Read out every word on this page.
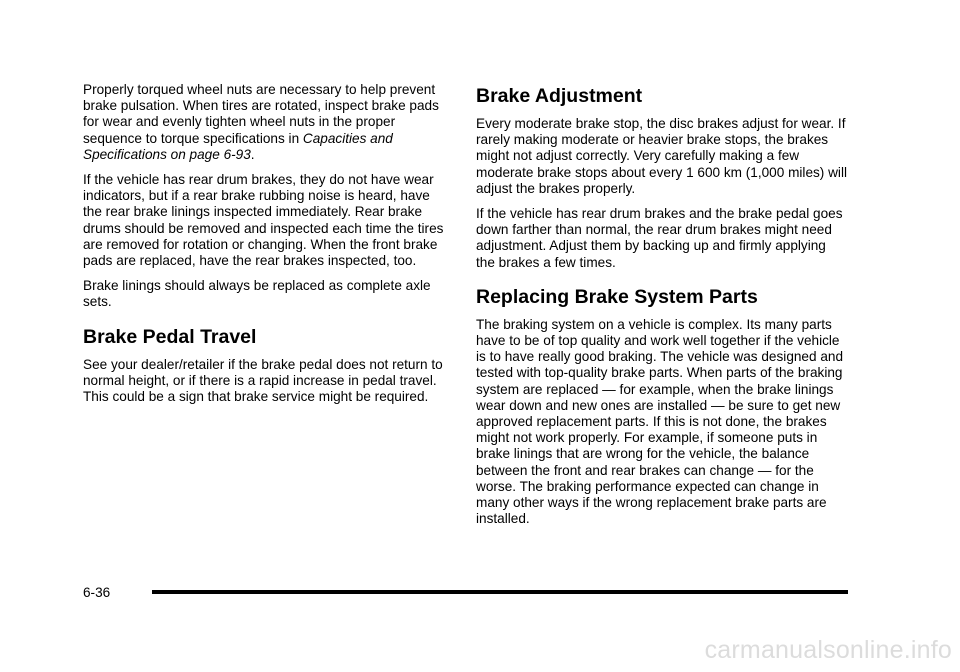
Properly torqued wheel nuts are necessary to help prevent brake pulsation. When tires are rotated, inspect brake pads for wear and evenly tighten wheel nuts in the proper sequence to torque specifications in Capacities and Specifications on page 6-93.

If the vehicle has rear drum brakes, they do not have wear indicators, but if a rear brake rubbing noise is heard, have the rear brake linings inspected immediately. Rear brake drums should be removed and inspected each time the tires are removed for rotation or changing. When the front brake pads are replaced, have the rear brakes inspected, too.

Brake linings should always be replaced as complete axle sets.

Brake Pedal Travel

See your dealer/retailer if the brake pedal does not return to normal height, or if there is a rapid increase in pedal travel. This could be a sign that brake service might be required.

Brake Adjustment

Every moderate brake stop, the disc brakes adjust for wear. If rarely making moderate or heavier brake stops, the brakes might not adjust correctly. Very carefully making a few moderate brake stops about every 1 600 km (1,000 miles) will adjust the brakes properly.

If the vehicle has rear drum brakes and the brake pedal goes down farther than normal, the rear drum brakes might need adjustment. Adjust them by backing up and firmly applying the brakes a few times.

Replacing Brake System Parts

The braking system on a vehicle is complex. Its many parts have to be of top quality and work well together if the vehicle is to have really good braking. The vehicle was designed and tested with top-quality brake parts. When parts of the braking system are replaced — for example, when the brake linings wear down and new ones are installed — be sure to get new approved replacement parts. If this is not done, the brakes might not work properly. For example, if someone puts in brake linings that are wrong for the vehicle, the balance between the front and rear brakes can change — for the worse. The braking performance expected can change in many other ways if the wrong replacement brake parts are installed.

6-36
carmanualsonline.info
